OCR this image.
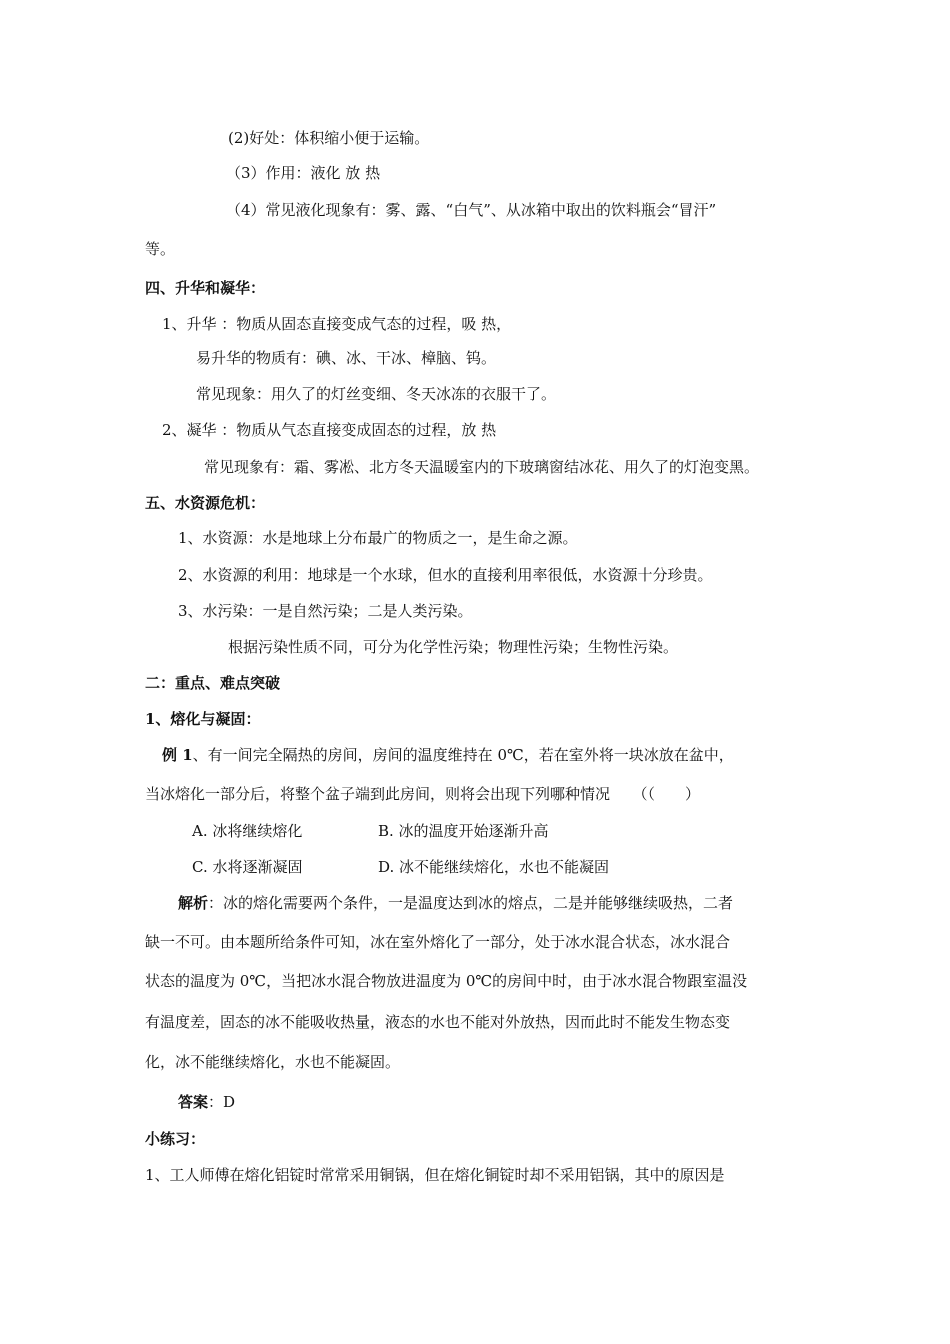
(2)好处：体积缩小便于运输。
（3）作用：液化 放 热
（4）常见液化现象有：雾、露、“白气”、从冰箱中取出的饮料瓶会“冒汗”
等。
四、升华和凝华：
1、升华 ：物质从固态直接变成气态的过程，吸 热，
易升华的物质有：碘、冰、干冰、樟脑、钨。
常见现象：用久了的灯丝变细、冬天冰冻的衣服干了。
2、凝华 ：物质从气态直接变成固态的过程，放 热
常见现象有：霜、雾凇、北方冬天温暖室内的下玻璃窗结冰花、用久了的灯泡变黑。
五、水资源危机：
1、水资源：水是地球上分布最广的物质之一，是生命之源。
2、水资源的利用：地球是一个水球，但水的直接利用率很低，水资源十分珍贵。
3、水污染：一是自然污染；二是人类污染。
根据污染性质不同，可分为化学性污染；物理性污染；生物性污染。
二：重点、难点突破
1、熔化与凝固：
例 1、有一间完全隔热的房间，房间的温度维持在 0℃，若在室外将一块冰放在盆中，
当冰熔化一部分后，将整个盆子端到此房间，则将会出现下列哪种情况　　（（　　）
A. 冰将继续熔化	B. 冰的温度开始逐渐升高
C. 水将逐渐凝固	D. 冰不能继续熔化，水也不能凝固
解析：冰的熔化需要两个条件，一是温度达到冰的熔点，二是并能够继续吸热，二者
缺一不可。由本题所给条件可知，冰在室外熔化了一部分，处于冰水混合状态，冰水混合
状态的温度为 0℃，当把冰水混合物放进温度为 0℃的房间中时，由于冰水混合物跟室温没
有温度差，固态的冰不能吸收热量，液态的水也不能对外放热，因而此时不能发生物态变
化，冰不能继续熔化，水也不能凝固。
答案：D
小练习：
1、工人师傅在熔化铝锭时常常采用铜锅，但在熔化铜锭时却不采用铝锅，其中的原因是
